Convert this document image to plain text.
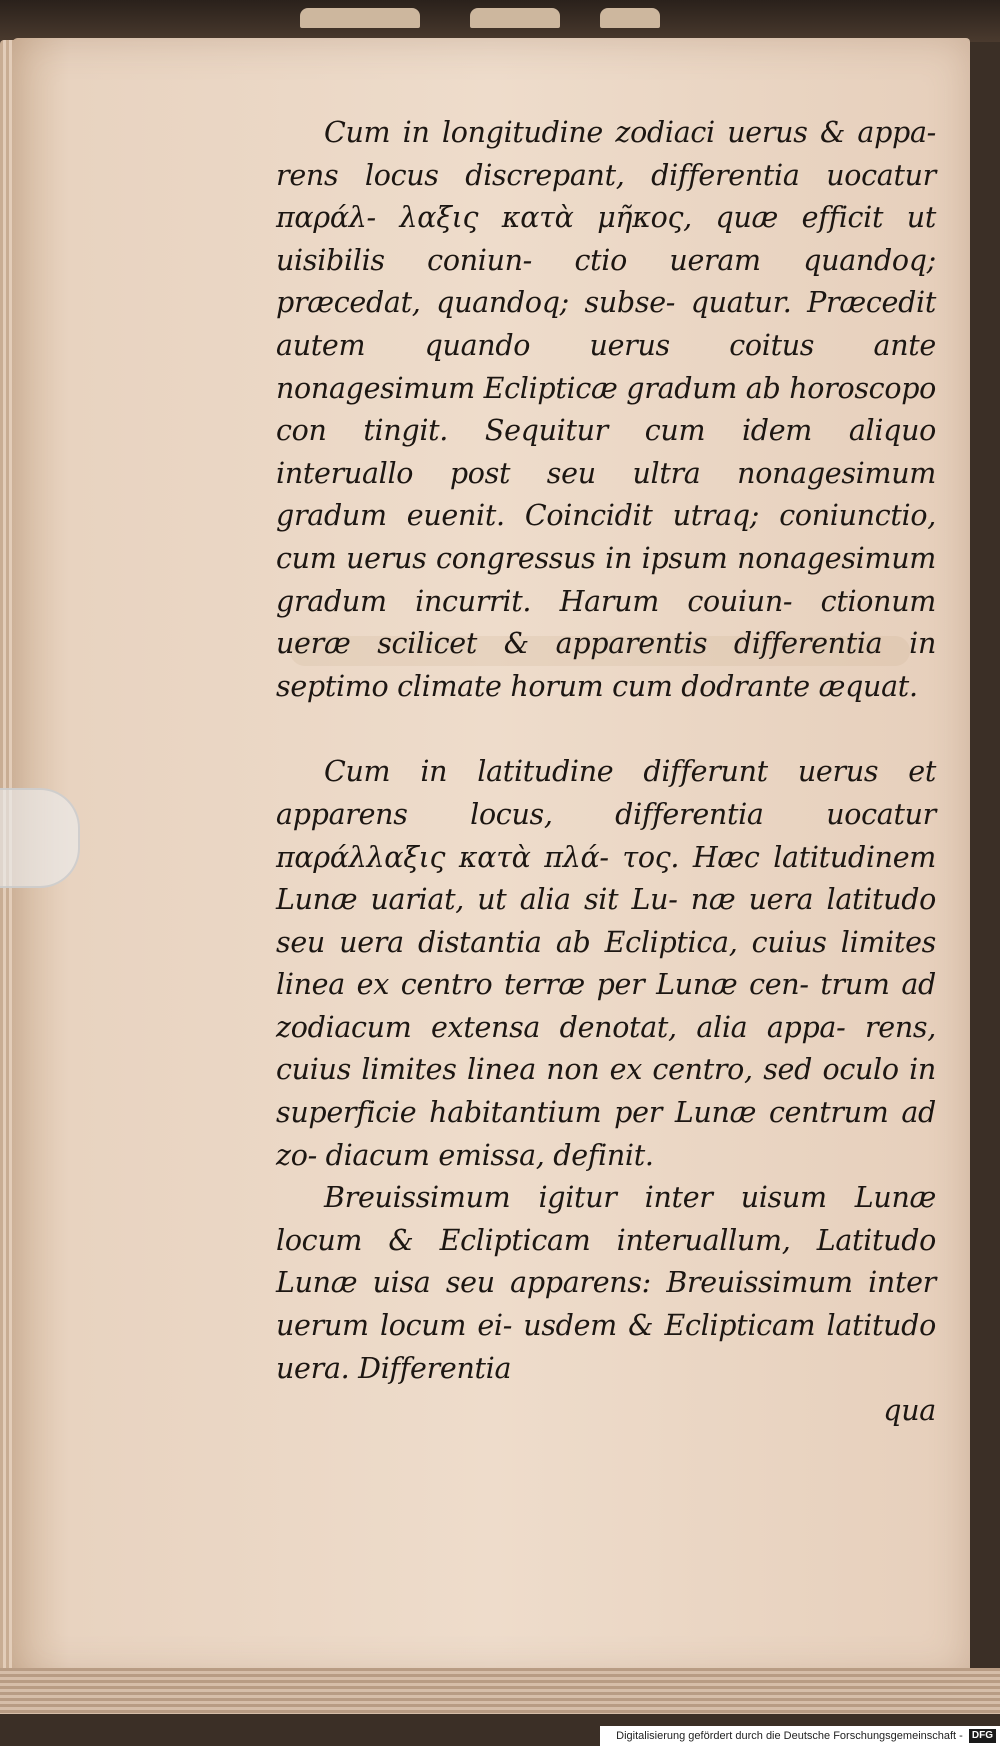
Cum in longitudine zodiaci uerus & appa- rens locus discrepant, differentia uocatur παράλ- λαξις κατὰ μῆκος, quæ efficit ut uisibilis coniun- ctio ueram quandoq; præcedat, quandoq; subse- quatur. Præcedit autem quando uerus coitus ante nonagesimum Eclipticæ gradum ab horoscopo con tingit. Sequitur cum idem aliquo interuallo post seu ultra nonagesimum gradum euenit. Coincidit utraq; coniunctio, cum uerus congressus in ipsum nonagesimum gradum incurrit. Harum couiun- ctionum ueræ scilicet & apparentis differentia in septimo climate horum cum dodrante æquat.

Cum in latitudine differunt uerus et apparens locus, differentia uocatur παράλλαξις κατὰ πλά- τος. Hæc latitudinem Lunæ uariat, ut alia sit Lu- næ uera latitudo seu uera distantia ab Ecliptica, cuius limites linea ex centro terræ per Lunæ cen- trum ad zodiacum extensa denotat, alia appa- rens, cuius limites linea non ex centro, sed oculo in superficie habitantium per Lunæ centrum ad zo- diacum emissa, definit.

Breuissimum igitur inter uisum Lunæ locum & Eclipticam interuallum, Latitudo Lunæ uisa seu apparens: Breuissimum inter uerum locum ei- usdem & Eclipticam latitudo uera. Differentia

qua

Digitalisierung gefördert durch die Deutsche Forschungsgemeinschaft - DFG
